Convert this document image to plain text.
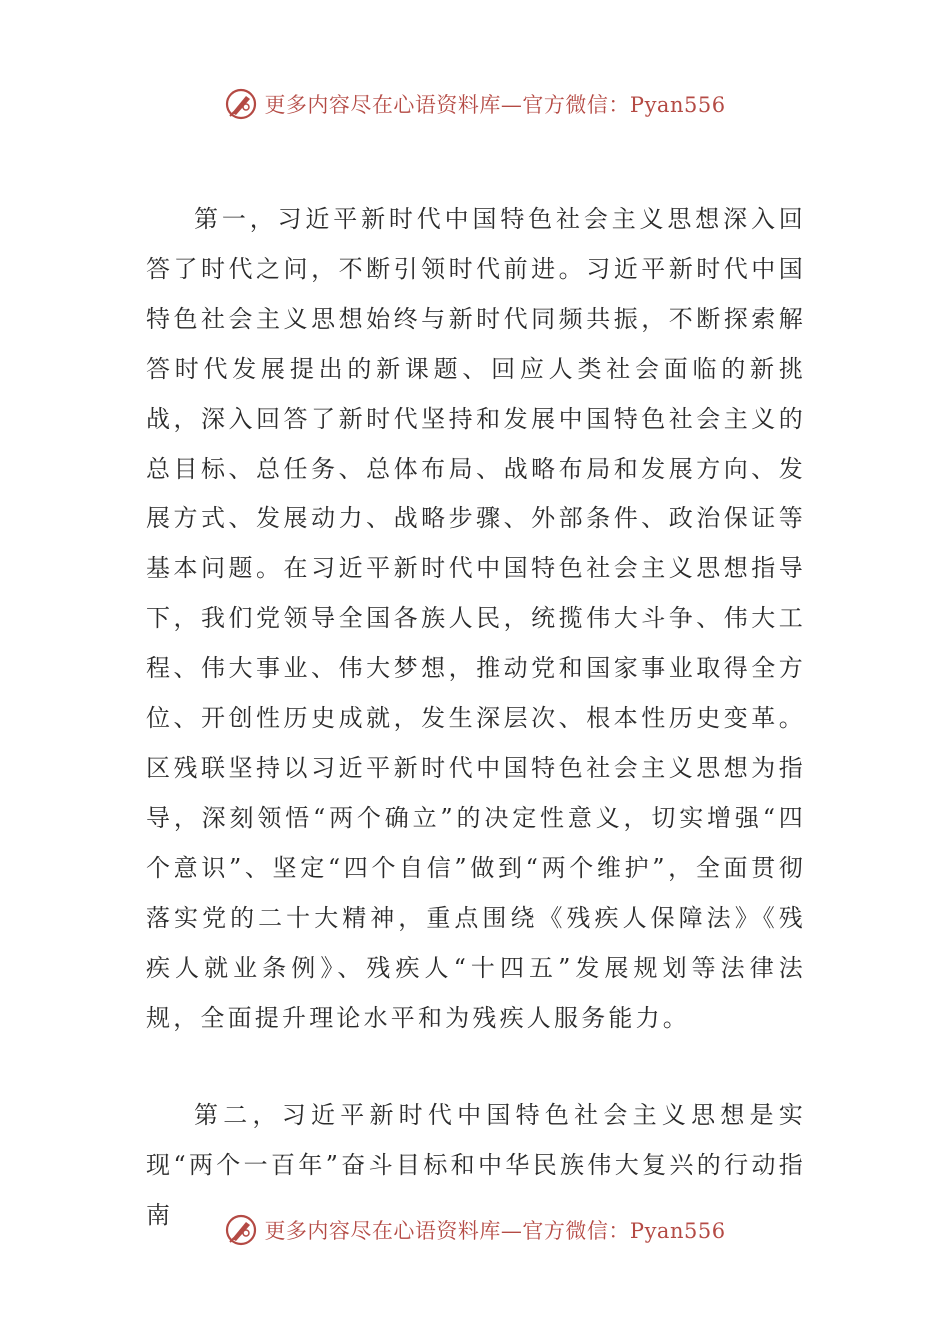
更多内容尽在心语资料库—官方微信：Pyan556

第一，习近平新时代中国特色社会主义思想深入回答了时代之问，不断引领时代前进。习近平新时代中国特色社会主义思想始终与新时代同频共振，不断探索解答时代发展提出的新课题、回应人类社会面临的新挑战，深入回答了新时代坚持和发展中国特色社会主义的总目标、总任务、总体布局、战略布局和发展方向、发展方式、发展动力、战略步骤、外部条件、政治保证等基本问题。在习近平新时代中国特色社会主义思想指导下，我们党领导全国各族人民，统揽伟大斗争、伟大工程、伟大事业、伟大梦想，推动党和国家事业取得全方位、开创性历史成就，发生深层次、根本性历史变革。区残联坚持以习近平新时代中国特色社会主义思想为指导，深刻领悟“两个确立”的决定性意义，切实增强“四个意识”、坚定“四个自信”做到“两个维护”，全面贯彻落实党的二十大精神，重点围绕《残疾人保障法》《残疾人就业条例》、残疾人“十四五”发展规划等法律法规，全面提升理论水平和为残疾人服务能力。

第二，习近平新时代中国特色社会主义思想是实现“两个一百年”奋斗目标和中华民族伟大复兴的行动指南

更多内容尽在心语资料库—官方微信：Pyan556
